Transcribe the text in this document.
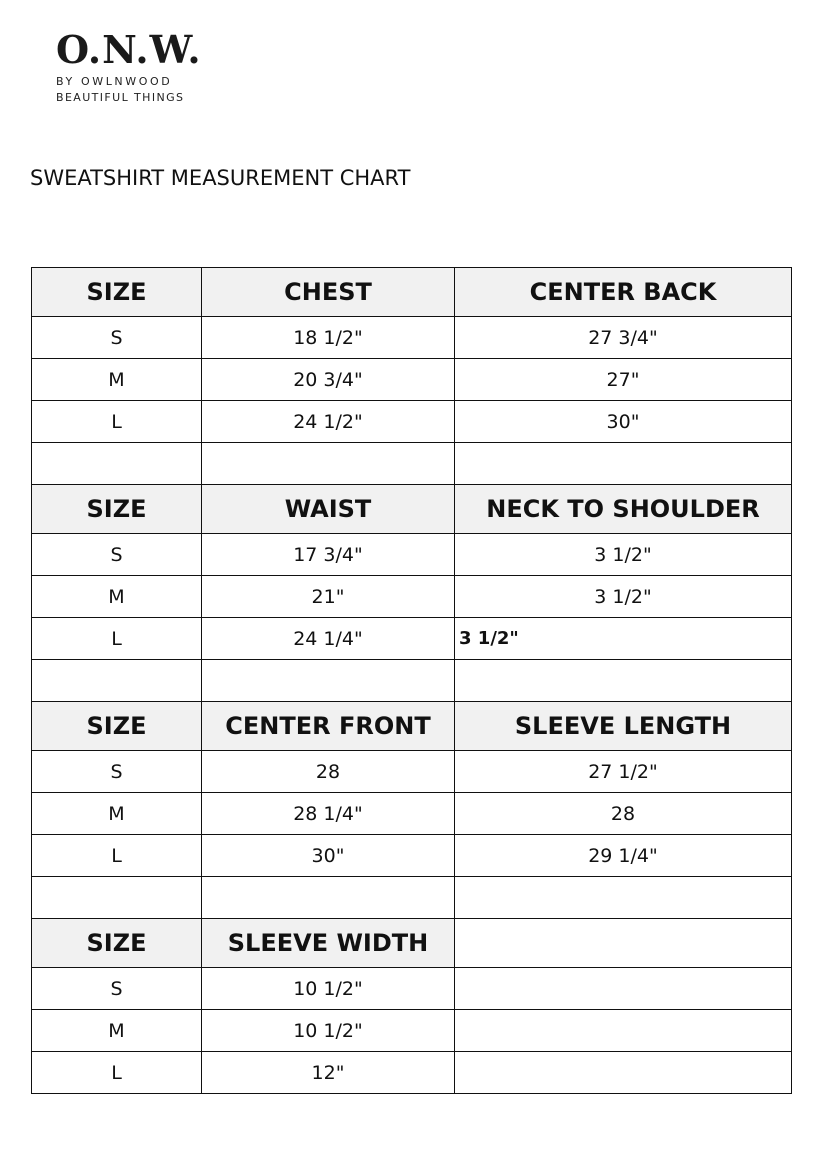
O.N.W.
BY OWLNWOOD
BEAUTIFUL THINGS
SWEATSHIRT MEASUREMENT CHART
SIZE	CHEST	CENTER BACK
S	18 1/2"	27 3/4"
M	20 3/4"	27"
L	24 1/2"	30"

SIZE	WAIST	NECK TO SHOULDER
S	17 3/4"	3 1/2"
M	21"	3 1/2"
L	24 1/4"	3 1/2"

SIZE	CENTER FRONT	SLEEVE LENGTH
S	28	27 1/2"
M	28 1/4"	28
L	30"	29 1/4"

SIZE	SLEEVE WIDTH	
S	10 1/2"	
M	10 1/2"	
L	12"	
